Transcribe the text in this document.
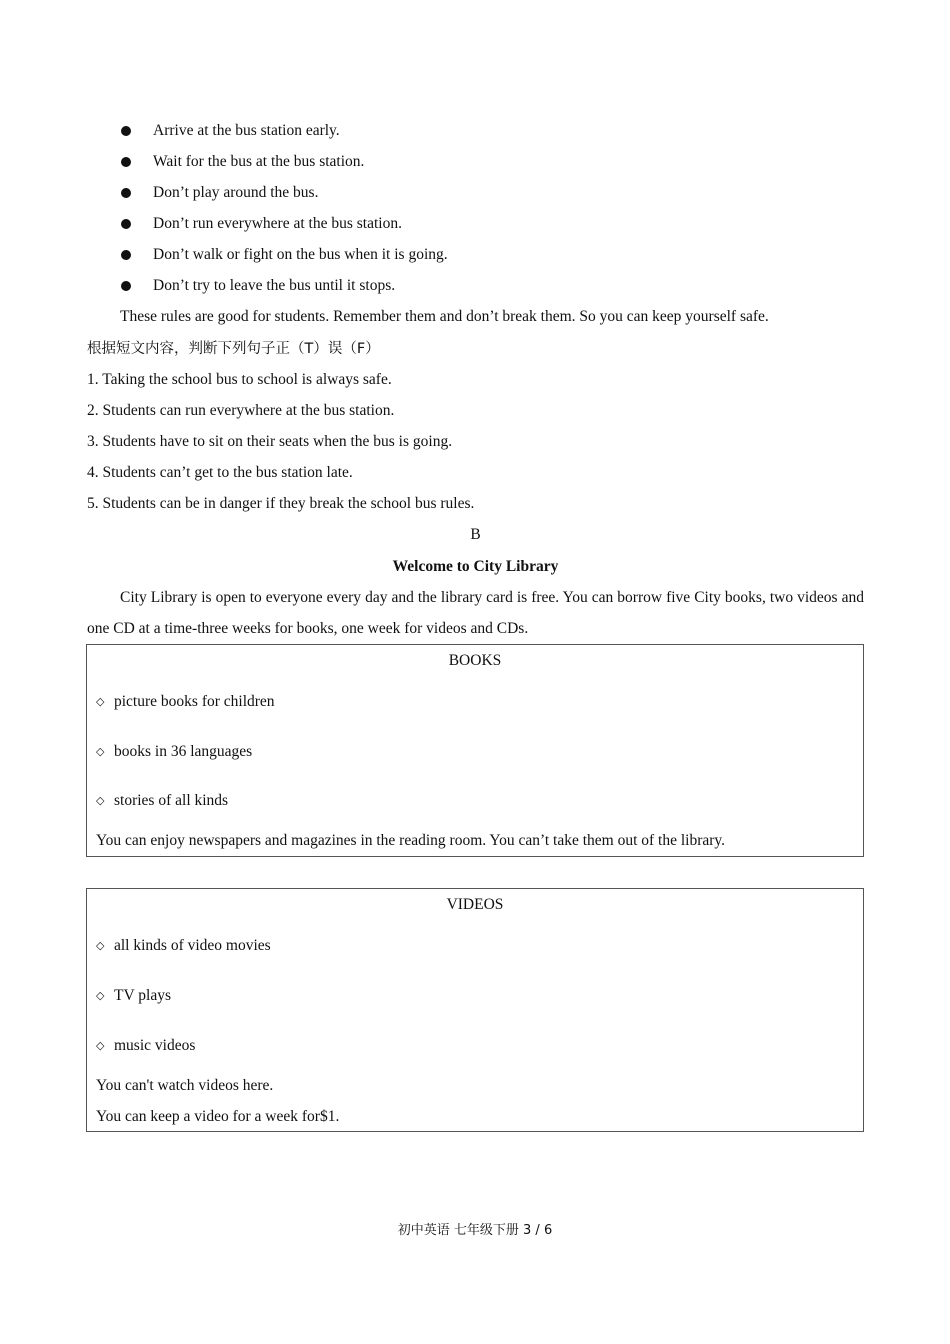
Arrive at the bus station early.
Wait for the bus at the bus station.
Don’t play around the bus.
Don’t run everywhere at the bus station.
Don’t walk or fight on the bus when it is going.
Don’t try to leave the bus until it stops.
These rules are good for students. Remember them and don’t break them. So you can keep yourself safe.
根据短文内容，判断下列句子正（T）误（F）
1. Taking the school bus to school is always safe.
2. Students can run everywhere at the bus station.
3. Students have to sit on their seats when the bus is going.
4. Students can’t get to the bus station late.
5. Students can be in danger if they break the school bus rules.
B
Welcome to City Library
City Library is open to everyone every day and the library card is free. You can borrow five City books, two videos and one CD at a time-three weeks for books, one week for videos and CDs.
BOOKS
◇ picture books for children
◇ books in 36 languages
◇ stories of all kinds
You can enjoy newspapers and magazines in the reading room. You can’t take them out of the library.
VIDEOS
◇ all kinds of video movies
◇ TV plays
◇ music videos
You can't watch videos here.
You can keep a video for a week for$1.
初中英语 七年级下册 3 / 6
